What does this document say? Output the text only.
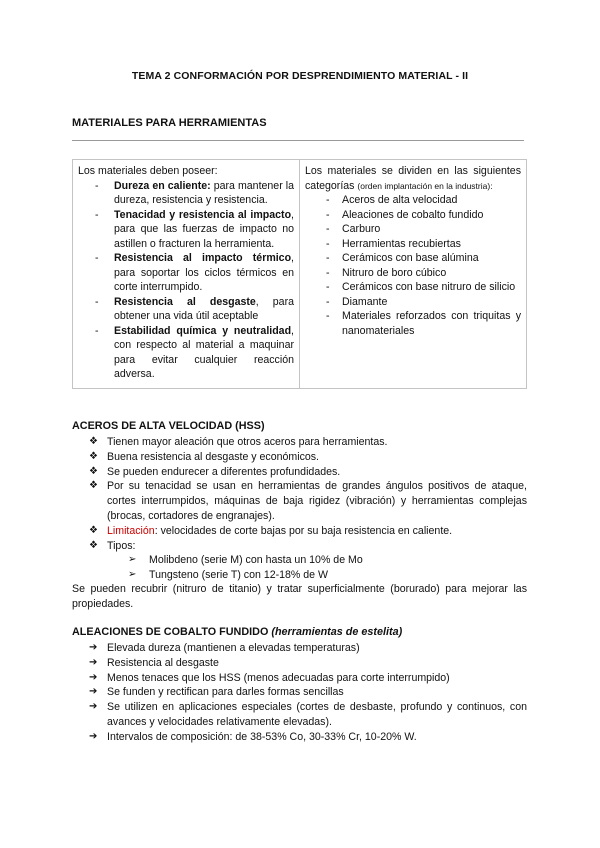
TEMA 2 CONFORMACIÓN POR DESPRENDIMIENTO MATERIAL - II
MATERIALES PARA HERRAMIENTAS
Los materiales deben poseer:
- Dureza en caliente: para mantener la dureza, resistencia y resistencia.
- Tenacidad y resistencia al impacto, para que las fuerzas de impacto no astillen o fracturen la herramienta.
- Resistencia al impacto térmico, para soportar los ciclos térmicos en corte interrumpido.
- Resistencia al desgaste, para obtener una vida útil aceptable
- Estabilidad química y neutralidad, con respecto al material a maquinar para evitar cualquier reacción adversa.

Los materiales se dividen en las siguientes categorías (orden implantación en la industria):
- Aceros de alta velocidad
- Aleaciones de cobalto fundido
- Carburo
- Herramientas recubiertas
- Cerámicos con base alúmina
- Nitruro de boro cúbico
- Cerámicos con base nitruro de silicio
- Diamante
- Materiales reforzados con triquitas y nanomateriales
ACEROS DE ALTA VELOCIDAD (HSS)
❖ Tienen mayor aleación que otros aceros para herramientas.
❖ Buena resistencia al desgaste y económicos.
❖ Se pueden endurecer a diferentes profundidades.
❖ Por su tenacidad se usan en herramientas de grandes ángulos positivos de ataque, cortes interrumpidos, máquinas de baja rigidez (vibración) y herramientas complejas (brocas, cortadores de engranajes).
❖ Limitación: velocidades de corte bajas por su baja resistencia en caliente.
❖ Tipos:
➢ Molibdeno (serie M) con hasta un 10% de Mo
➢ Tungsteno (serie T) con 12-18% de W

Se pueden recubrir (nitruro de titanio) y tratar superficialmente (borurado) para mejorar las propiedades.

ALEACIONES DE COBALTO FUNDIDO (herramientas de estelita)
➔ Elevada dureza (mantienen a elevadas temperaturas)
➔ Resistencia al desgaste
➔ Menos tenaces que los HSS (menos adecuadas para corte interrumpido)
➔ Se funden y rectifican para darles formas sencillas
➔ Se utilizen en aplicaciones especiales (cortes de desbaste, profundo y continuos, con avances y velocidades relativamente elevadas).
➔ Intervalos de composición: de 38-53% Co, 30-33% Cr, 10-20% W.
